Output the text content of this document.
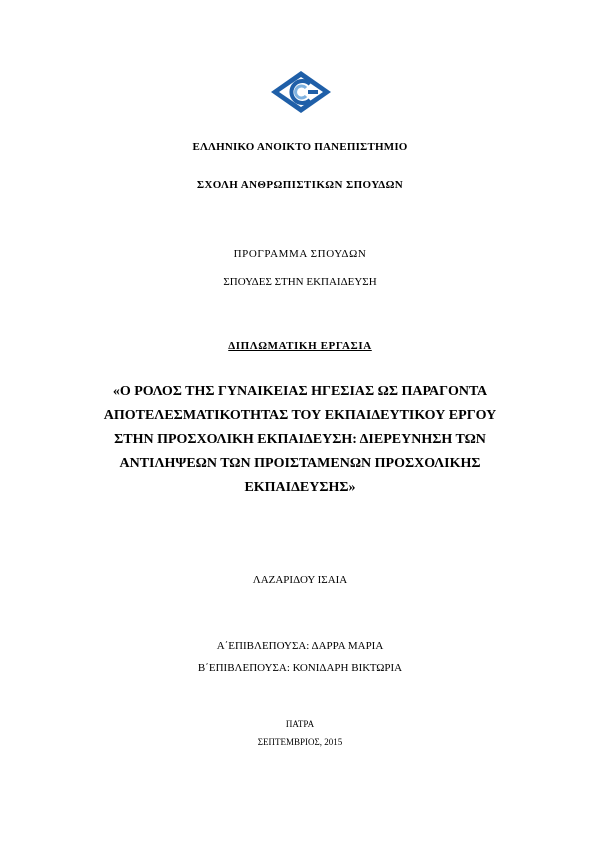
ΕΛΛΗΝΙΚΟ ΑΝΟΙΚΤΟ ΠΑΝΕΠΙΣΤΗΜΙΟ
ΣΧΟΛΗ ΑΝΘΡΩΠΙΣΤΙΚΩΝ ΣΠΟΥΔΩΝ
ΠΡΟΓΡΑΜΜΑ ΣΠΟΥΔΩΝ
ΣΠΟΥΔΕΣ ΣΤΗΝ ΕΚΠΑΙΔΕΥΣΗ
ΔΙΠΛΩΜΑΤΙΚΗ ΕΡΓΑΣΙΑ
«Ο ΡΟΛΟΣ ΤΗΣ ΓΥΝΑΙΚΕΙΑΣ ΗΓΕΣΙΑΣ ΩΣ ΠΑΡΑΓΟΝΤΑ
ΑΠΟΤΕΛΕΣΜΑΤΙΚΟΤΗΤΑΣ ΤΟΥ ΕΚΠΑΙΔΕΥΤΙΚΟΥ ΕΡΓΟΥ
ΣΤΗΝ ΠΡΟΣΧΟΛΙΚΗ ΕΚΠΑΙΔΕΥΣΗ: ΔΙΕΡΕΥΝΗΣΗ ΤΩΝ
ΑΝΤΙΛΗΨΕΩΝ ΤΩΝ ΠΡΟΙΣΤΑΜΕΝΩΝ ΠΡΟΣΧΟΛΙΚΗΣ
ΕΚΠΑΙΔΕΥΣΗΣ»
ΛΑΖΑΡΙΔΟΥ ΙΣΑΙΑ
Α΄ΕΠΙΒΛΕΠΟΥΣΑ: ΔΑΡΡΑ ΜΑΡΙΑ
Β΄ΕΠΙΒΛΕΠΟΥΣΑ: ΚΟΝΙΔΑΡΗ ΒΙΚΤΩΡΙΑ
ΠΑΤΡΑ
ΣΕΠΤΕΜΒΡΙΟΣ, 2015
